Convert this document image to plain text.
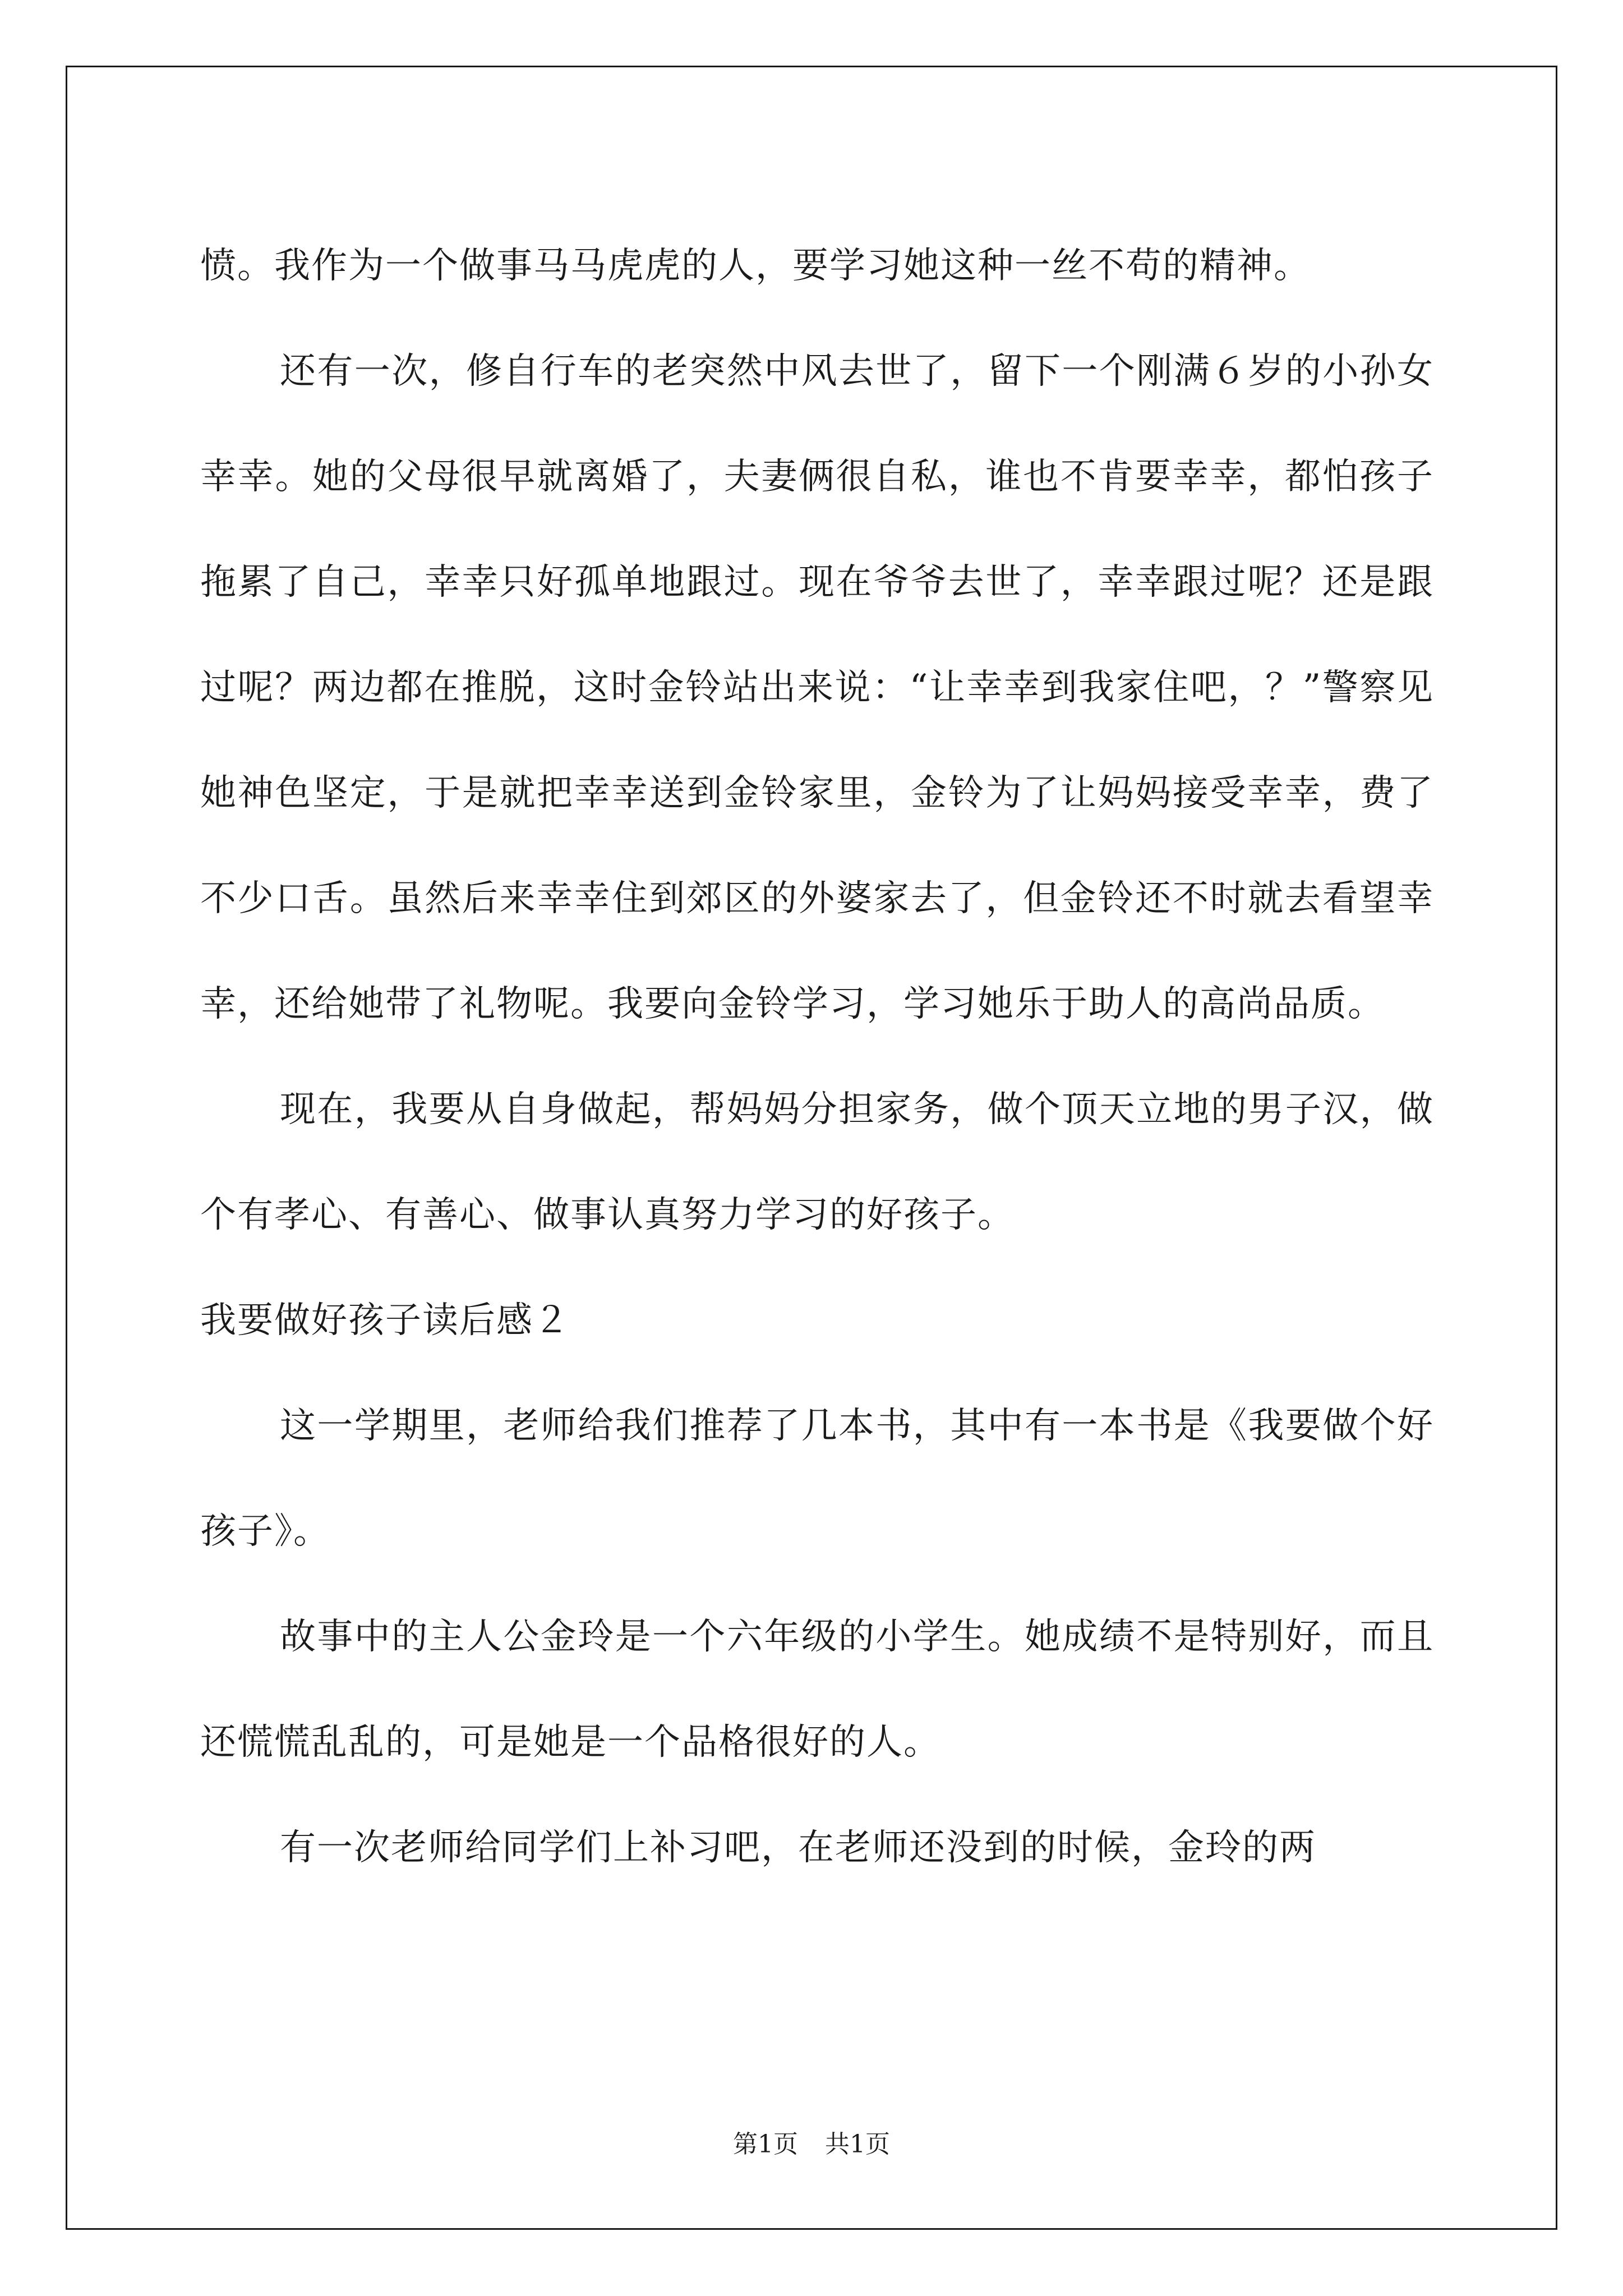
愤。我作为一个做事马马虎虎的人，要学习她这种一丝不苟的精神。

还有一次，修自行车的老突然中风去世了，留下一个刚满６岁的小孙女幸幸。她的父母很早就离婚了，夫妻俩很自私，谁也不肯要幸幸，都怕孩子拖累了自己，幸幸只好孤单地跟过。现在爷爷去世了，幸幸跟过呢？还是跟过呢？两边都在推脱，这时金铃站出来说：“让幸幸到我家住吧，？”警察见她神色坚定，于是就把幸幸送到金铃家里，金铃为了让妈妈接受幸幸，费了不少口舌。虽然后来幸幸住到郊区的外婆家去了，但金铃还不时就去看望幸幸，还给她带了礼物呢。我要向金铃学习，学习她乐于助人的高尚品质。

现在，我要从自身做起，帮妈妈分担家务，做个顶天立地的男子汉，做个有孝心、有善心、做事认真努力学习的好孩子。

我要做好孩子读后感２

这一学期里，老师给我们推荐了几本书，其中有一本书是《我要做个好孩子》。

故事中的主人公金玲是一个六年级的小学生。她成绩不是特别好，而且还慌慌乱乱的，可是她是一个品格很好的人。

有一次老师给同学们上补习吧，在老师还没到的时候，金玲的两

第1页 共1页
